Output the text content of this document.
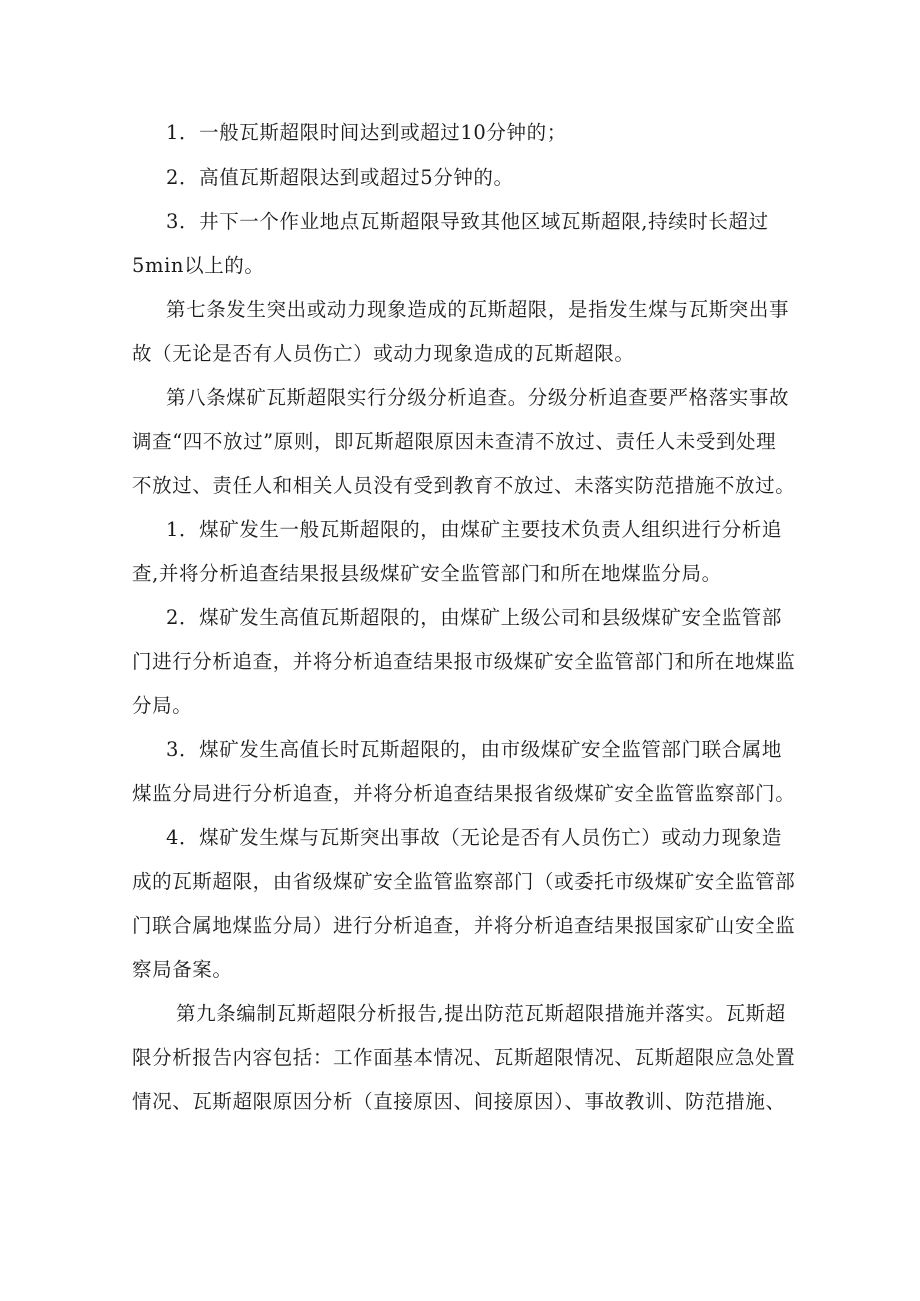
1．一般瓦斯超限时间达到或超过10分钟的；
2．高值瓦斯超限达到或超过5分钟的。
3．井下一个作业地点瓦斯超限导致其他区域瓦斯超限,持续时长超过
5min以上的。
第七条发生突出或动力现象造成的瓦斯超限，是指发生煤与瓦斯突出事
故（无论是否有人员伤亡）或动力现象造成的瓦斯超限。
第八条煤矿瓦斯超限实行分级分析追查。分级分析追查要严格落实事故
调查“四不放过”原则，即瓦斯超限原因未查清不放过、责任人未受到处理
不放过、责任人和相关人员没有受到教育不放过、未落实防范措施不放过。
1．煤矿发生一般瓦斯超限的，由煤矿主要技术负责人组织进行分析追
查,并将分析追查结果报县级煤矿安全监管部门和所在地煤监分局。
2．煤矿发生高值瓦斯超限的，由煤矿上级公司和县级煤矿安全监管部
门进行分析追查，并将分析追查结果报市级煤矿安全监管部门和所在地煤监
分局。
3．煤矿发生高值长时瓦斯超限的，由市级煤矿安全监管部门联合属地
煤监分局进行分析追查，并将分析追查结果报省级煤矿安全监管监察部门。
4．煤矿发生煤与瓦斯突出事故（无论是否有人员伤亡）或动力现象造
成的瓦斯超限，由省级煤矿安全监管监察部门（或委托市级煤矿安全监管部
门联合属地煤监分局）进行分析追查，并将分析追查结果报国家矿山安全监
察局备案。
第九条编制瓦斯超限分析报告,提出防范瓦斯超限措施并落实。瓦斯超
限分析报告内容包括：工作面基本情况、瓦斯超限情况、瓦斯超限应急处置
情况、瓦斯超限原因分析（直接原因、间接原因）、事故教训、防范措施、
